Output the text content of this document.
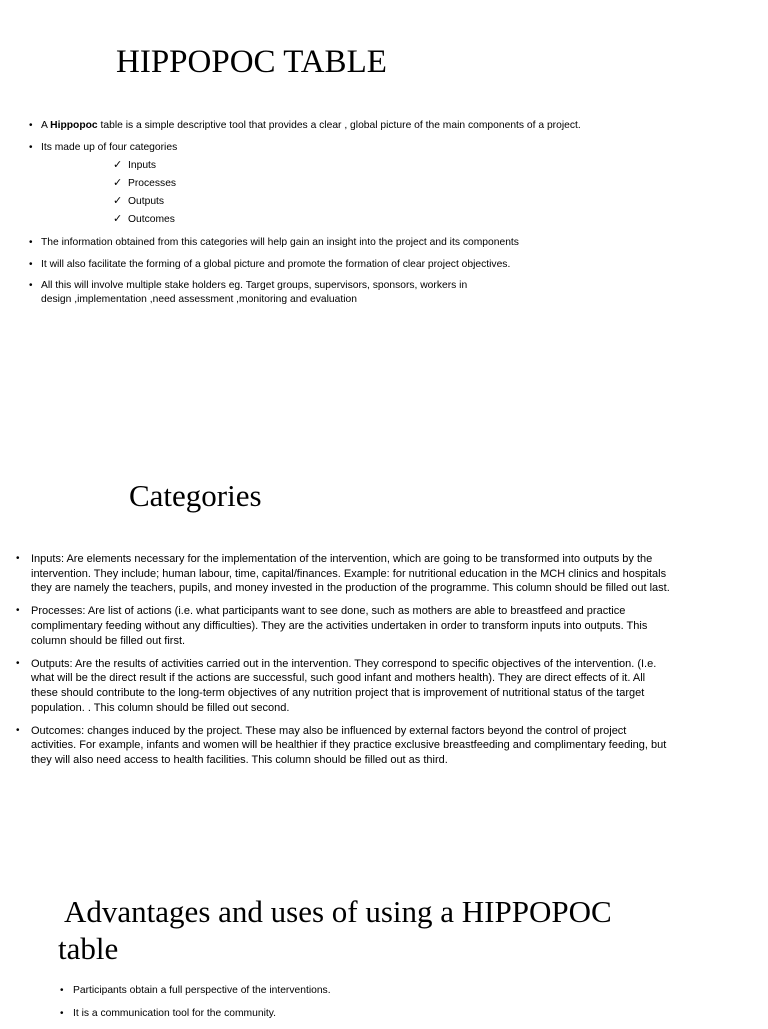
HIPPOPOC TABLE
• A Hippopoc table is a simple descriptive tool that provides a clear , global picture of the main components of a project.
• Its made up of four categories
✓ Inputs
✓ Processes
✓ Outputs
✓ Outcomes
• The information obtained from this categories will help gain an insight into the project and its components
• It will also facilitate the forming of a global picture and promote the formation of clear project objectives.
• All this will involve multiple stake holders eg. Target groups, supervisors, sponsors, workers in
design ,implementation ,need assessment ,monitoring and evaluation
Categories
• Inputs: Are elements necessary for the implementation of the intervention, which are going to be transformed into outputs by the intervention. They include; human labour, time, capital/finances. Example: for nutritional education in the MCH clinics and hospitals they are namely the teachers, pupils, and money invested in the production of the programme. This column should be filled out last.
• Processes: Are list of actions (i.e. what participants want to see done, such as mothers are able to breastfeed and practice complimentary feeding without any difficulties). They are the activities undertaken in order to transform inputs into outputs. This column should be filled out first.
• Outputs: Are the results of activities carried out in the intervention. They correspond to specific objectives of the intervention. (I.e. what will be the direct result if the actions are successful, such good infant and mothers health). They are direct effects of it. All these should contribute to the long-term objectives of any nutrition project that is improvement of nutritional status of the target population. . This column should be filled out second.
• Outcomes: changes induced by the project. These may also be influenced by external factors beyond the control of project activities. For example, infants and women will be healthier if they practice exclusive breastfeeding and complimentary feeding, but they will also need access to health facilities. This column should be filled out as third.
Advantages and uses of using a HIPPOPOC
table
• Participants obtain a full perspective of the interventions.
• It is a communication tool for the community.
